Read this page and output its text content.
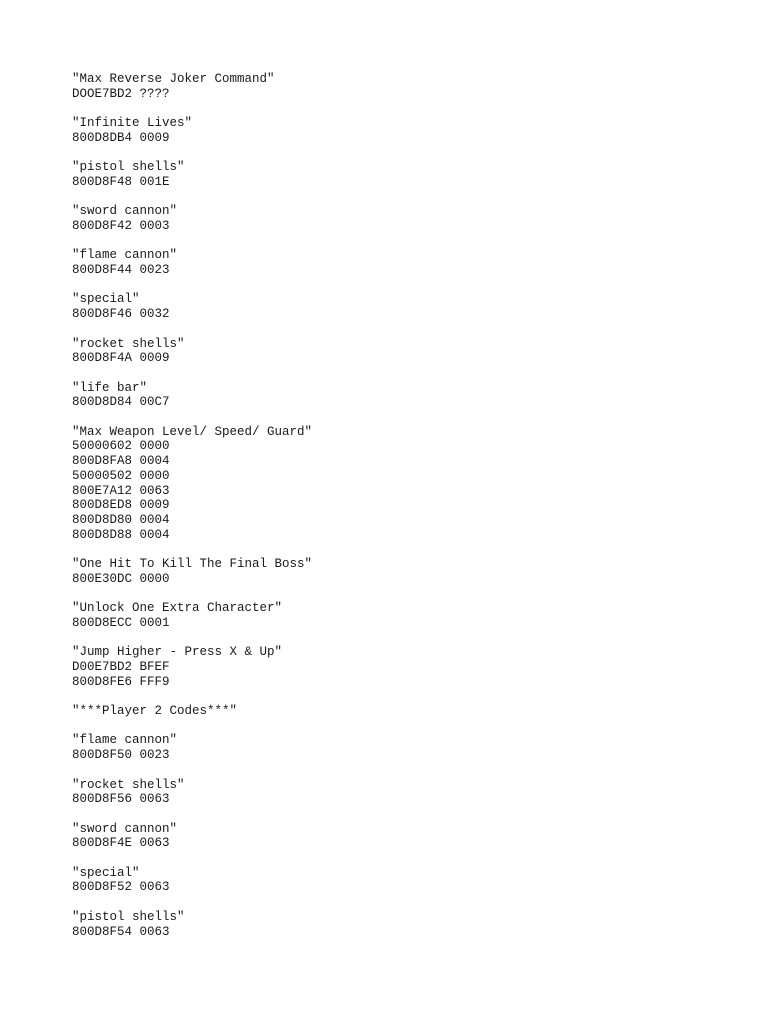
"Max Reverse Joker Command"
DOOE7BD2 ????
"Infinite Lives"
800D8DB4 0009
"pistol shells"
800D8F48 001E
"sword cannon"
800D8F42 0003
"flame cannon"
800D8F44 0023
"special"
800D8F46 0032
"rocket shells"
800D8F4A 0009
"life bar"
800D8D84 00C7
"Max Weapon Level/ Speed/ Guard"
50000602 0000
800D8FA8 0004
50000502 0000
800E7A12 0063
800D8ED8 0009
800D8D80 0004
800D8D88 0004
"One Hit To Kill The Final Boss"
800E30DC 0000
"Unlock One Extra Character"
800D8ECC 0001
"Jump Higher - Press X & Up"
D00E7BD2 BFEF
800D8FE6 FFF9
"***Player 2 Codes***"
"flame cannon"
800D8F50 0023
"rocket shells"
800D8F56 0063
"sword cannon"
800D8F4E 0063
"special"
800D8F52 0063
"pistol shells"
800D8F54 0063
